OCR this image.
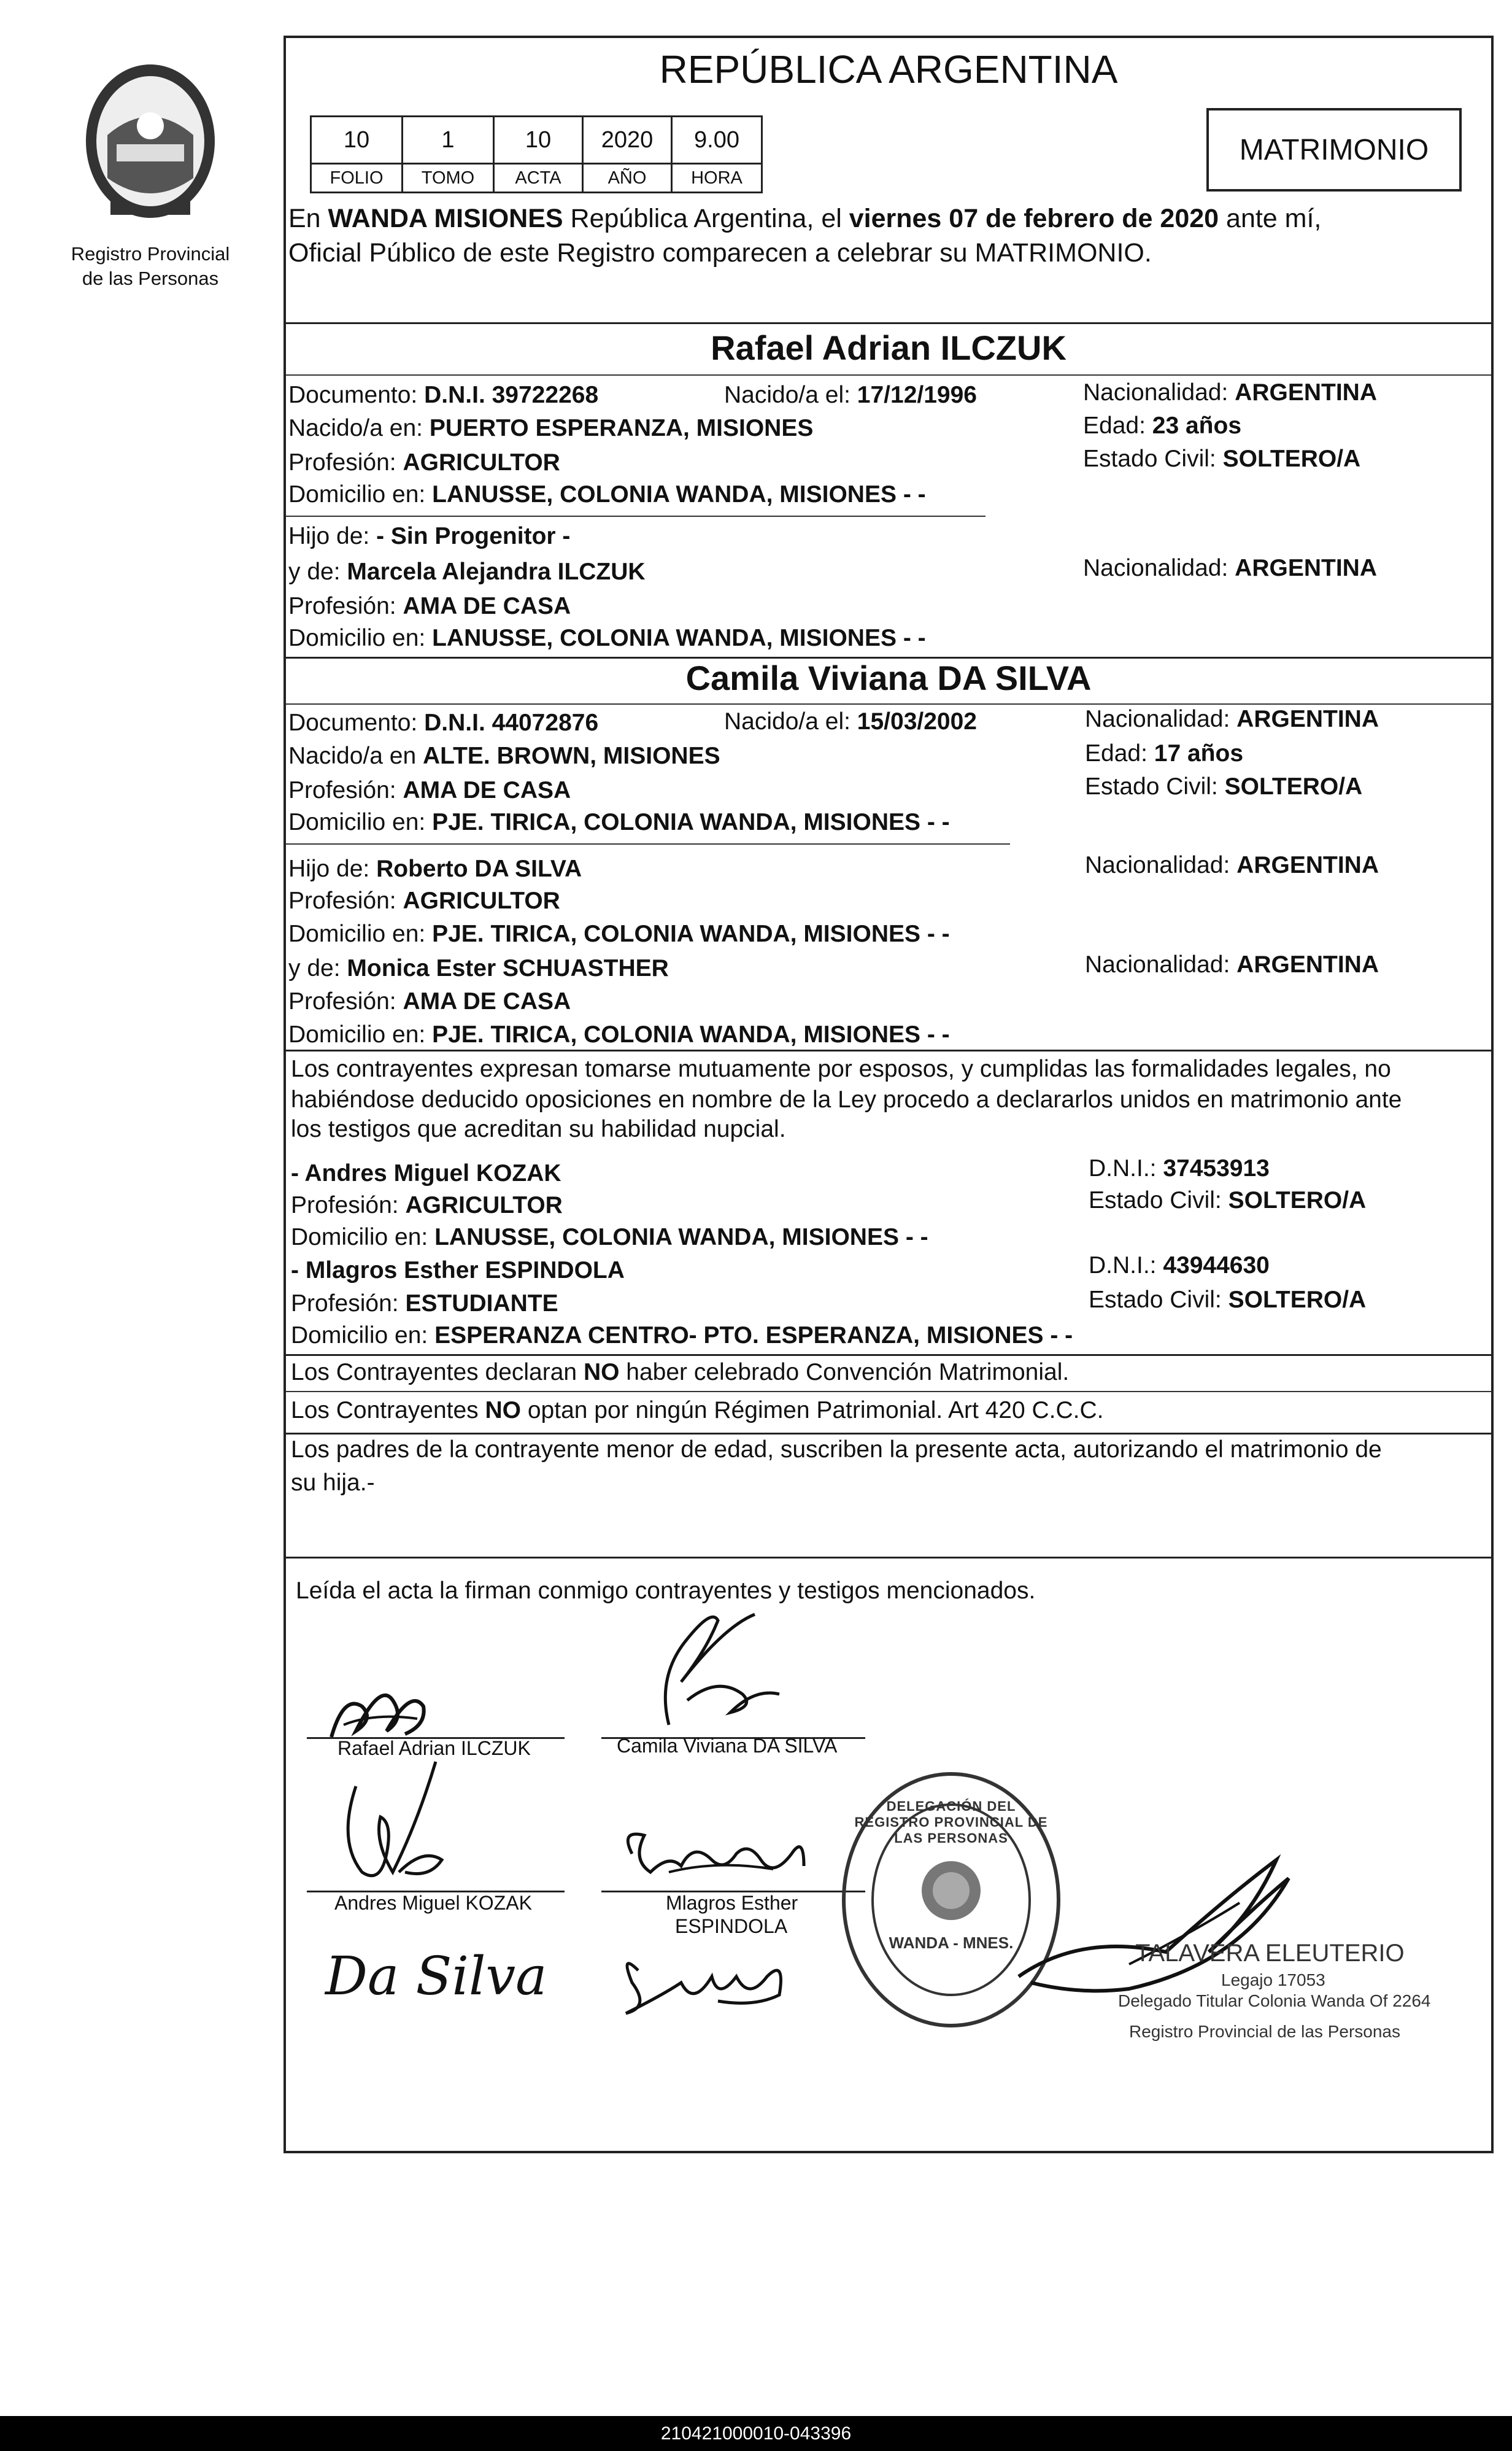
Registro Provincial
de las Personas
REPÚBLICA ARGENTINA
10	1	10	2020	9.00
FOLIO	TOMO	ACTA	AÑO	HORA
MATRIMONIO
En WANDA MISIONES República Argentina, el viernes 07 de febrero de 2020 ante mí,
Oficial Público de este Registro comparecen a celebrar su MATRIMONIO.
Rafael Adrian ILCZUK
Documento: D.N.I. 39722268	Nacido/a el: 17/12/1996	Nacionalidad: ARGENTINA
Nacido/a en: PUERTO ESPERANZA, MISIONES	Edad: 23 años
Profesión: AGRICULTOR	Estado Civil: SOLTERO/A
Domicilio en: LANUSSE, COLONIA WANDA, MISIONES - -
Hijo de: - Sin Progenitor -
y de: Marcela Alejandra ILCZUK	Nacionalidad: ARGENTINA
Profesión: AMA DE CASA
Domicilio en: LANUSSE, COLONIA WANDA, MISIONES - -
Camila Viviana DA SILVA
Documento: D.N.I. 44072876	Nacido/a el: 15/03/2002	Nacionalidad: ARGENTINA
Nacido/a en ALTE. BROWN, MISIONES	Edad: 17 años
Profesión: AMA DE CASA	Estado Civil: SOLTERO/A
Domicilio en: PJE. TIRICA, COLONIA WANDA, MISIONES - -
Hijo de: Roberto DA SILVA	Nacionalidad: ARGENTINA
Profesión: AGRICULTOR
Domicilio en: PJE. TIRICA, COLONIA WANDA, MISIONES - -
y de: Monica Ester SCHUASTHER	Nacionalidad: ARGENTINA
Profesión: AMA DE CASA
Domicilio en: PJE. TIRICA, COLONIA WANDA, MISIONES - -
Los contrayentes expresan tomarse mutuamente por esposos, y cumplidas las formalidades legales, no
habiéndose deducido oposiciones en nombre de la Ley procedo a declararlos unidos en matrimonio ante
los testigos que acreditan su habilidad nupcial.
- Andres Miguel KOZAK	D.N.I.: 37453913
Profesión: AGRICULTOR	Estado Civil: SOLTERO/A
Domicilio en: LANUSSE, COLONIA WANDA, MISIONES - -
- Mlagros Esther ESPINDOLA	D.N.I.: 43944630
Profesión: ESTUDIANTE	Estado Civil: SOLTERO/A
Domicilio en: ESPERANZA CENTRO- PTO. ESPERANZA, MISIONES - -
Los Contrayentes declaran NO haber celebrado Convención Matrimonial.
Los Contrayentes NO optan por ningún Régimen Patrimonial. Art 420 C.C.C.
Los padres de la contrayente menor de edad, suscriben la presente acta, autorizando el matrimonio de
su hija.-
Leída el acta la firman conmigo contrayentes y testigos mencionados.
Rafael Adrian ILCZUK	Camila Viviana DA SILVA
Andres Miguel KOZAK	Mlagros Esther
ESPINDOLA
Da Silva
DELEGACIÓN DEL REGISTRO PROVINCIAL DE LAS PERSONAS
WANDA - MNES.	TALAVERA ELEUTERIO
Legajo 17053
Delegado Titular Colonia Wanda Of 2264
Registro Provincial de las Personas
210421000010-043396
